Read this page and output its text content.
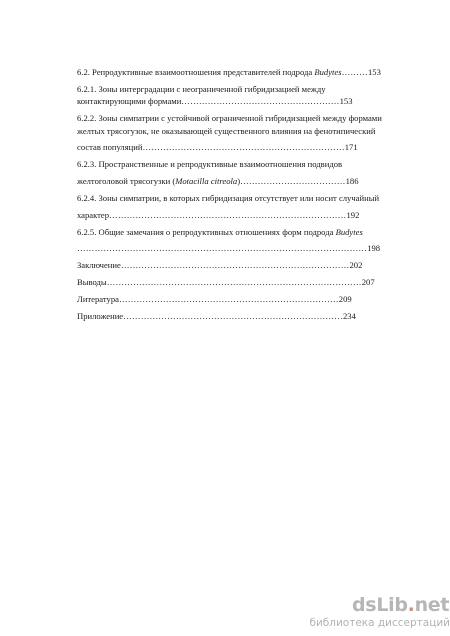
6.2. Репродуктивные взаимоотношения представителей подрода Budytes………153
6.2.1. Зоны интерградации с неограниченной гибридизацией между
контактирующими формами………………………………………………153
6.2.2. Зоны симпатрии с устойчивой ограниченной гибридизацией между формами
желтых трясогузок, не оказывающей существенного влияния на фенотипический
состав популяций……………………………………………………………171
6.2.3. Пространственные и репродуктивные взаимоотношения подвидов
желтоголовой трясогузки (Motacilla citreola)………………………………186
6.2.4. Зоны симпатрии, в которых гибридизация отсутствует или носит случайный
характер………………………………………………………………………192
6.2.5. Общие замечания о репродуктивных отношениях форм подрода Budytes
………………………………………………………………………………………198
Заключение……………………………………………………………………202
Выводы……………………………………………………………………………207
Литература…………………………………………………………………209
Приложение…………………………………………………………………234
dsLib.net
библиотека диссертаций
